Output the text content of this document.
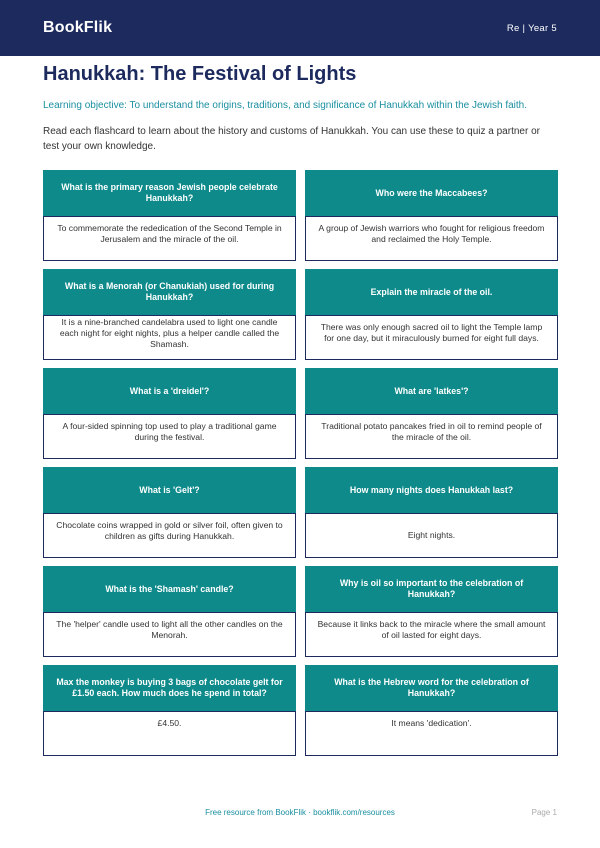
BookFlik	Re | Year 5
Hanukkah: The Festival of Lights
Learning objective: To understand the origins, traditions, and significance of Hanukkah within the Jewish faith.
Read each flashcard to learn about the history and customs of Hanukkah. You can use these to quiz a partner or test your own knowledge.
What is the primary reason Jewish people celebrate Hanukkah?
To commemorate the rededication of the Second Temple in Jerusalem and the miracle of the oil.
Who were the Maccabees?
A group of Jewish warriors who fought for religious freedom and reclaimed the Holy Temple.
What is a Menorah (or Chanukiah) used for during Hanukkah?
It is a nine-branched candelabra used to light one candle each night for eight nights, plus a helper candle called the Shamash.
Explain the miracle of the oil.
There was only enough sacred oil to light the Temple lamp for one day, but it miraculously burned for eight full days.
What is a 'dreidel'?
A four-sided spinning top used to play a traditional game during the festival.
What are 'latkes'?
Traditional potato pancakes fried in oil to remind people of the miracle of the oil.
What is 'Gelt'?
Chocolate coins wrapped in gold or silver foil, often given to children as gifts during Hanukkah.
How many nights does Hanukkah last?
Eight nights.
What is the 'Shamash' candle?
The 'helper' candle used to light all the other candles on the Menorah.
Why is oil so important to the celebration of Hanukkah?
Because it links back to the miracle where the small amount of oil lasted for eight days.
Max the monkey is buying 3 bags of chocolate gelt for £1.50 each. How much does he spend in total?
£4.50.
What is the Hebrew word for the celebration of Hanukkah?
It means 'dedication'.
Free resource from BookFlik · bookflik.com/resources	Page 1
